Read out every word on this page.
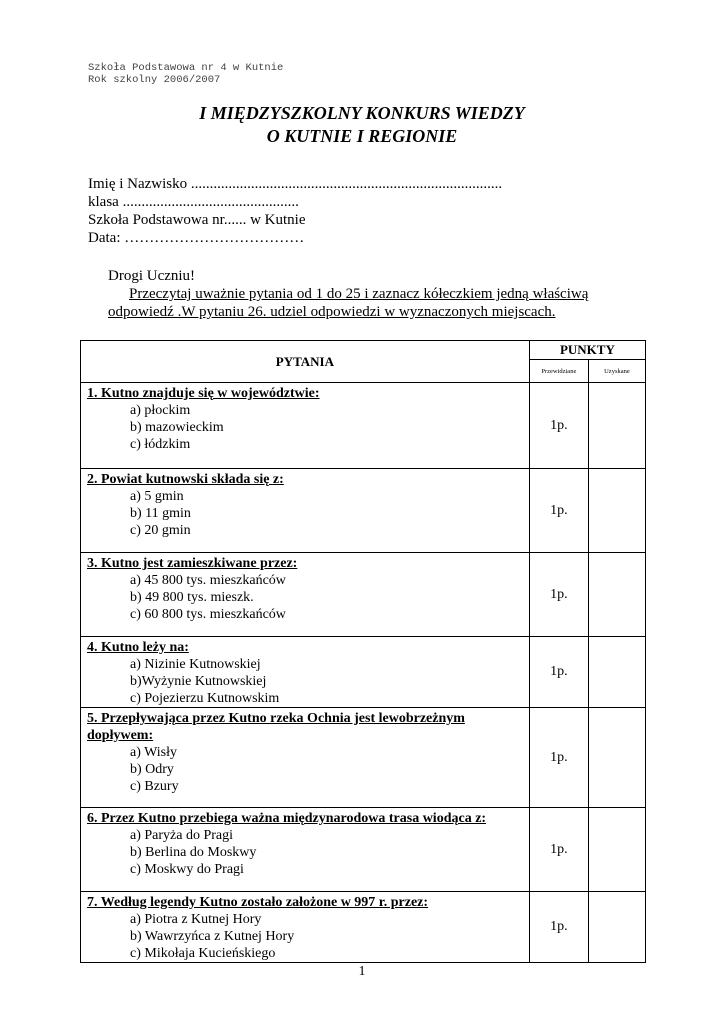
Szkoła Podstawowa nr 4 w Kutnie
Rok szkolny 2006/2007
I MIĘDZYSZKOLNY KONKURS WIEDZY
O KUTNIE I REGIONIE
Imię i Nazwisko ...................................................................................
klasa ...............................................
Szkoła Podstawowa nr...... w Kutnie
Data: ………………………………
Drogi Uczniu!
Przeczytaj uważnie pytania od 1 do 25 i zaznacz kółeczkiem jedną właściwą
odpowiedź .W pytaniu 26. udziel odpowiedzi w wyznaczonych miejscach.
PYTANIA	PUNKTY	
	Przewidziane	Uzyskane

1. Kutno znajduje się w województwie:
a) płockim
b) mazowieckim
c) łódzkim	1p.	

2. Powiat kutnowski składa się z:
a) 5 gmin
b) 11 gmin
c) 20 gmin	1p.	

3. Kutno jest zamieszkiwane przez:
a) 45 800 tys. mieszkańców
b) 49 800 tys. mieszk.
c) 60 800 tys. mieszkańców	1p.	

4. Kutno leży na:
a) Nizinie Kutnowskiej
b)Wyżynie Kutnowskiej
c) Pojezierzu Kutnowskim	1p.	

5. Przepływająca przez Kutno rzeka Ochnia jest lewobrzeżnym dopływem:
a) Wisły
b) Odry
c) Bzury	1p.	

6. Przez Kutno przebiega ważna międzynarodowa trasa wiodąca z:
a) Paryża do Pragi
b) Berlina do Moskwy
c) Moskwy do Pragi	1p.	

7. Według legendy Kutno zostało założone w 997 r. przez:
a) Piotra z Kutnej Hory
b) Wawrzyńca z Kutnej Hory
c) Mikołaja Kucieńskiego	1p.	
1
